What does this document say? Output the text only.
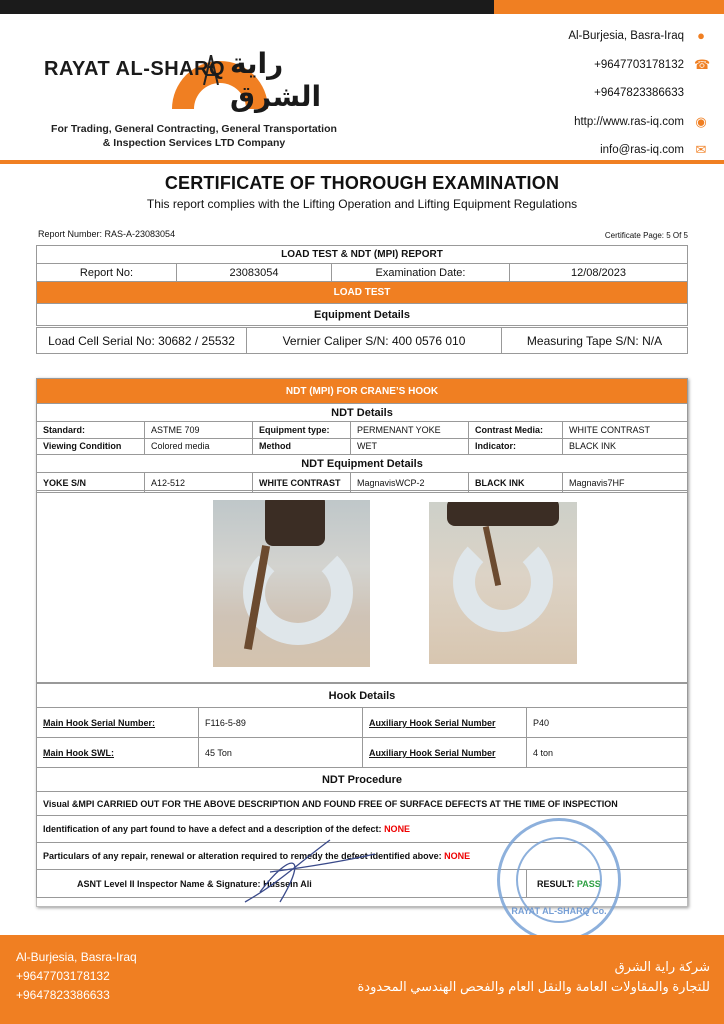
RAYAT AL-SHARQ راية الشرق
For Trading, General Contracting, General Transportation
& Inspection Services LTD Company
Al-Burjesia, Basra-Iraq ●
+9647703178132 ☎
+9647823386633
http://www.ras-iq.com ◉
info@ras-iq.com ✉
CERTIFICATE OF THOROUGH EXAMINATION
This report complies with the Lifting Operation and Lifting Equipment Regulations
Report Number: RAS-A-23083054	Certificate Page: 5 Of 5
LOAD TEST & NDT (MPI) REPORT
Report No:	23083054	Examination Date:	12/08/2023
LOAD TEST
Equipment Details
Load Cell Serial No: 30682 / 25532	Vernier Caliper S/N: 400 0576 010	Measuring Tape S/N: N/A
NDT (MPI) FOR CRANE’S HOOK					
NDT Details					
Standard:	ASTME 709	Equipment type:	PERMENANT YOKE	Contrast Media:	WHITE CONTRAST
Viewing Condition	Colored media	Method	WET	Indicator:	BLACK INK
NDT Equipment Details					
YOKE S/N	A12-512	WHITE CONTRAST	MagnavisWCP-2	BLACK INK	Magnavis7HF
Hook Details			
Main Hook Serial Number:	F116-5-89	Auxiliary Hook Serial Number	P40
Main Hook SWL:	45 Ton	Auxiliary Hook Serial Number	4 ton
NDT Procedure			
Visual &MPI CARRIED OUT FOR THE ABOVE DESCRIPTION AND FOUND FREE OF SURFACE DEFECTS AT THE TIME OF INSPECTION			
Identification of any part found to have a defect and a description of the defect: NONE			
Particulars of any repair, renewal or alteration required to remedy the defect identified above: NONE			
ASNT Level II Inspector Name & Signature: Hussein Ali			RESULT: PASS
RAYAT AL-SHARQ Co.
Al-Burjesia, Basra-Iraq
+9647703178132
+9647823386633
شركة راية الشرق
للتجارة والمقاولات العامة والنقل العام والفحص الهندسي المحدودة
